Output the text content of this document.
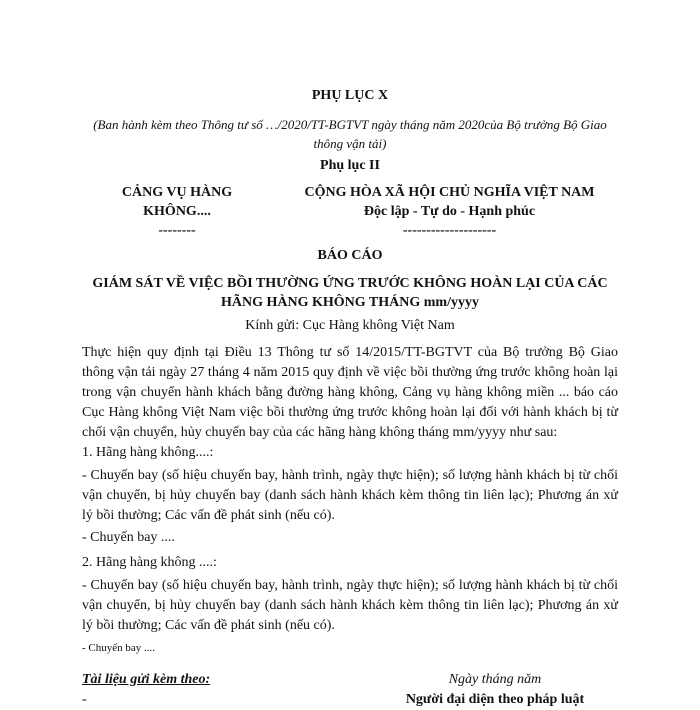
PHỤ LỤC X
(Ban hành kèm theo Thông tư số …/2020/TT-BGTVT ngày tháng năm 2020của Bộ trưởng Bộ Giao thông vận tải)
Phụ lục II
CẢNG VỤ HÀNG KHÔNG....
--------
CỘNG HÒA XÃ HỘI CHỦ NGHĨA VIỆT NAM
Độc lập - Tự do - Hạnh phúc
--------------------
BÁO CÁO
GIÁM SÁT VỀ VIỆC BỒI THƯỜNG ỨNG TRƯỚC KHÔNG HOÀN LẠI CỦA CÁC HÃNG HÀNG KHÔNG THÁNG mm/yyyy
Kính gửi: Cục Hàng không Việt Nam
Thực hiện quy định tại Điều 13 Thông tư số 14/2015/TT-BGTVT của Bộ trưởng Bộ Giao thông vận tải ngày 27 tháng 4 năm 2015 quy định về việc bồi thường ứng trước không hoàn lại trong vận chuyển hành khách bằng đường hàng không, Cảng vụ hàng không miền ... báo cáo Cục Hàng không Việt Nam việc bồi thường ứng trước không hoàn lại đối với hành khách bị từ chối vận chuyển, hủy chuyến bay của các hãng hàng không tháng mm/yyyy như sau:
1. Hãng hàng không....:
- Chuyến bay (số hiệu chuyến bay, hành trình, ngày thực hiện); số lượng hành khách bị từ chối vận chuyển, bị hủy chuyến bay (danh sách hành khách kèm thông tin liên lạc); Phương án xử lý bồi thường; Các vấn đề phát sinh (nếu có).
- Chuyến bay ....
2. Hãng hàng không ....:
- Chuyến bay (số hiệu chuyến bay, hành trình, ngày thực hiện); số lượng hành khách bị từ chối vận chuyển, bị hủy chuyến bay (danh sách hành khách kèm thông tin liên lạc); Phương án xử lý bồi thường; Các vấn đề phát sinh (nếu có).
- Chuyến bay ....
Tài liệu gửi kèm theo:
-
Ngày tháng năm
Người đại diện theo pháp luật
